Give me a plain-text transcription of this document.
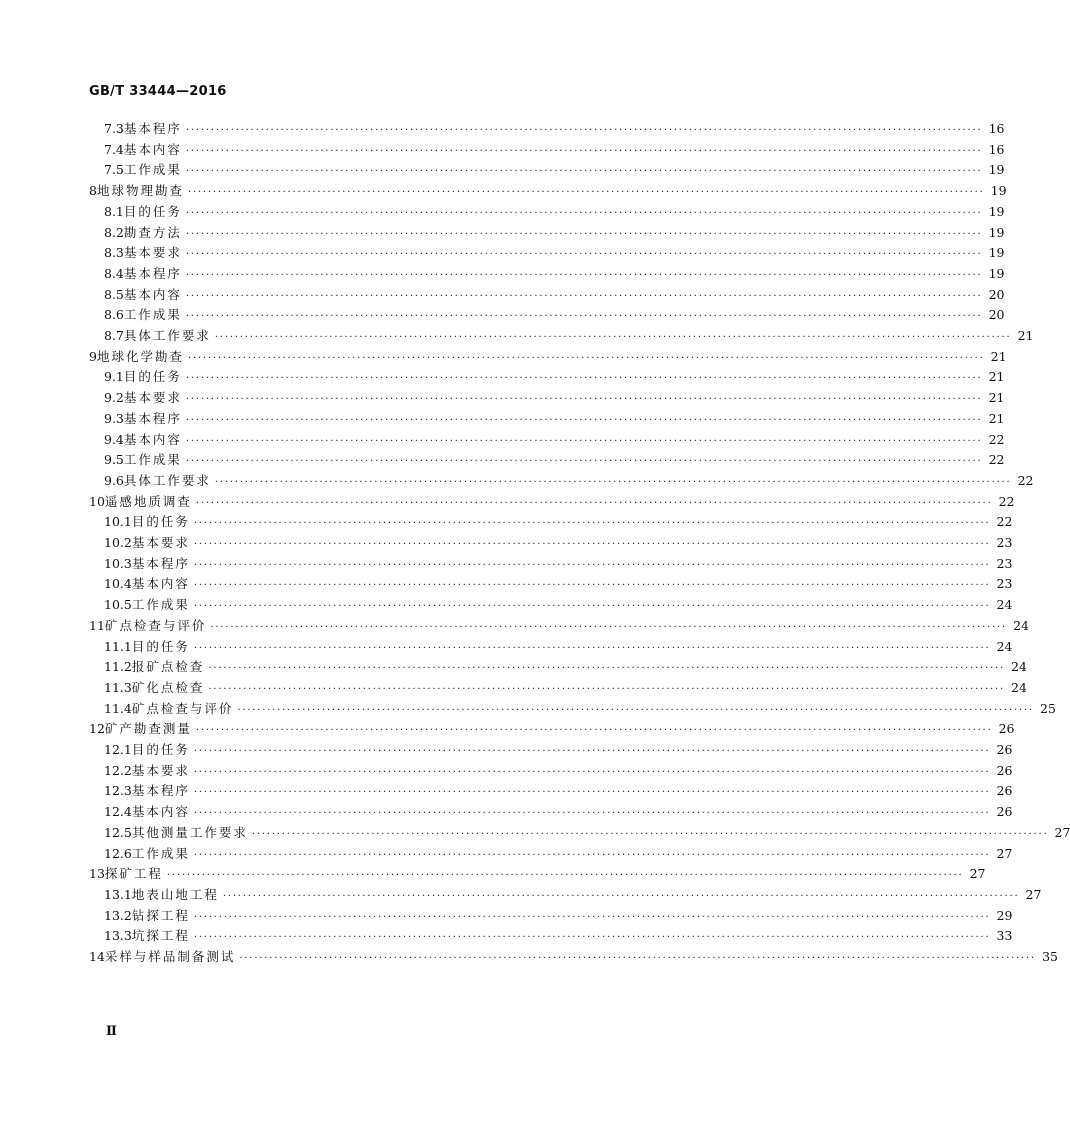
GB/T 33444—2016
7.3 基本程序 ································································································································································ 16
7.4 基本内容 ································································································································································ 16
7.5 工作成果 ································································································································································ 19
8 地球物理勘查 ································································································································································ 19
8.1 目的任务 ································································································································································ 19
8.2 勘查方法 ································································································································································ 19
8.3 基本要求 ································································································································································ 19
8.4 基本程序 ································································································································································ 19
8.5 基本内容 ································································································································································ 20
8.6 工作成果 ································································································································································ 20
8.7 具体工作要求 ································································································································································ 21
9 地球化学勘查 ································································································································································ 21
9.1 目的任务 ································································································································································ 21
9.2 基本要求 ································································································································································ 21
9.3 基本程序 ································································································································································ 21
9.4 基本内容 ································································································································································ 22
9.5 工作成果 ································································································································································ 22
9.6 具体工作要求 ································································································································································ 22
10 遥感地质调查 ································································································································································ 22
10.1 目的任务 ································································································································································ 22
10.2 基本要求 ································································································································································ 23
10.3 基本程序 ································································································································································ 23
10.4 基本内容 ································································································································································ 23
10.5 工作成果 ································································································································································ 24
11 矿点检查与评价 ································································································································································ 24
11.1 目的任务 ································································································································································ 24
11.2 报矿点检查 ································································································································································ 24
11.3 矿化点检查 ································································································································································ 24
11.4 矿点检查与评价 ································································································································································ 25
12 矿产勘查测量 ································································································································································ 26
12.1 目的任务 ································································································································································ 26
12.2 基本要求 ································································································································································ 26
12.3 基本程序 ································································································································································ 26
12.4 基本内容 ································································································································································ 26
12.5 其他测量工作要求 ································································································································································ 27
12.6 工作成果 ································································································································································ 27
13 探矿工程 ································································································································································ 27
13.1 地表山地工程 ································································································································································ 27
13.2 钻探工程 ································································································································································ 29
13.3 坑探工程 ································································································································································ 33
14 采样与样品制备测试 ································································································································································ 35
Ⅱ
